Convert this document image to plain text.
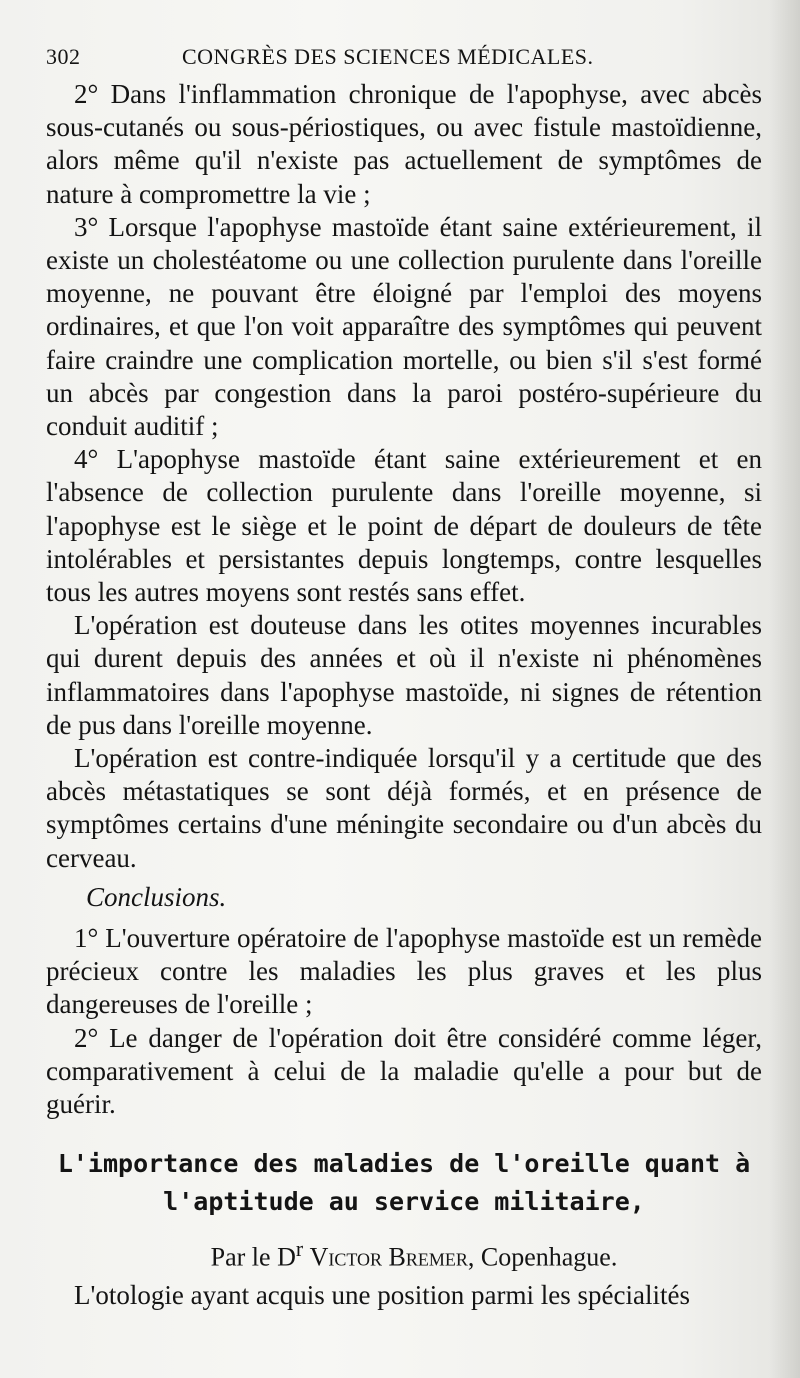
302	CONGRÈS DES SCIENCES MÉDICALES.

2° Dans l'inflammation chronique de l'apophyse, avec abcès sous-cutanés ou sous-périostiques, ou avec fistule mastoïdienne, alors même qu'il n'existe pas actuellement de symptômes de nature à compromettre la vie ;

3° Lorsque l'apophyse mastoïde étant saine extérieurement, il existe un cholestéatome ou une collection purulente dans l'oreille moyenne, ne pouvant être éloigné par l'emploi des moyens ordinaires, et que l'on voit apparaître des symptômes qui peuvent faire craindre une complication mortelle, ou bien s'il s'est formé un abcès par congestion dans la paroi postéro-supérieure du conduit auditif ;

4° L'apophyse mastoïde étant saine extérieurement et en l'absence de collection purulente dans l'oreille moyenne, si l'apophyse est le siège et le point de départ de douleurs de tête intolérables et persistantes depuis longtemps, contre lesquelles tous les autres moyens sont restés sans effet.

L'opération est douteuse dans les otites moyennes incurables qui durent depuis des années et où il n'existe ni phénomènes inflammatoires dans l'apophyse mastoïde, ni signes de rétention de pus dans l'oreille moyenne.

L'opération est contre-indiquée lorsqu'il y a certitude que des abcès métastatiques se sont déjà formés, et en présence de symptômes certains d'une méningite secondaire ou d'un abcès du cerveau.

Conclusions.

1° L'ouverture opératoire de l'apophyse mastoïde est un remède précieux contre les maladies les plus graves et les plus dangereuses de l'oreille ;

2° Le danger de l'opération doit être considéré comme léger, comparativement à celui de la maladie qu'elle a pour but de guérir.

L'importance des maladies de l'oreille quant à
l'aptitude au service militaire,
Par le $D^r$ Victor Bremer, Copenhague.

L'otologie ayant acquis une position parmi les spécialités
